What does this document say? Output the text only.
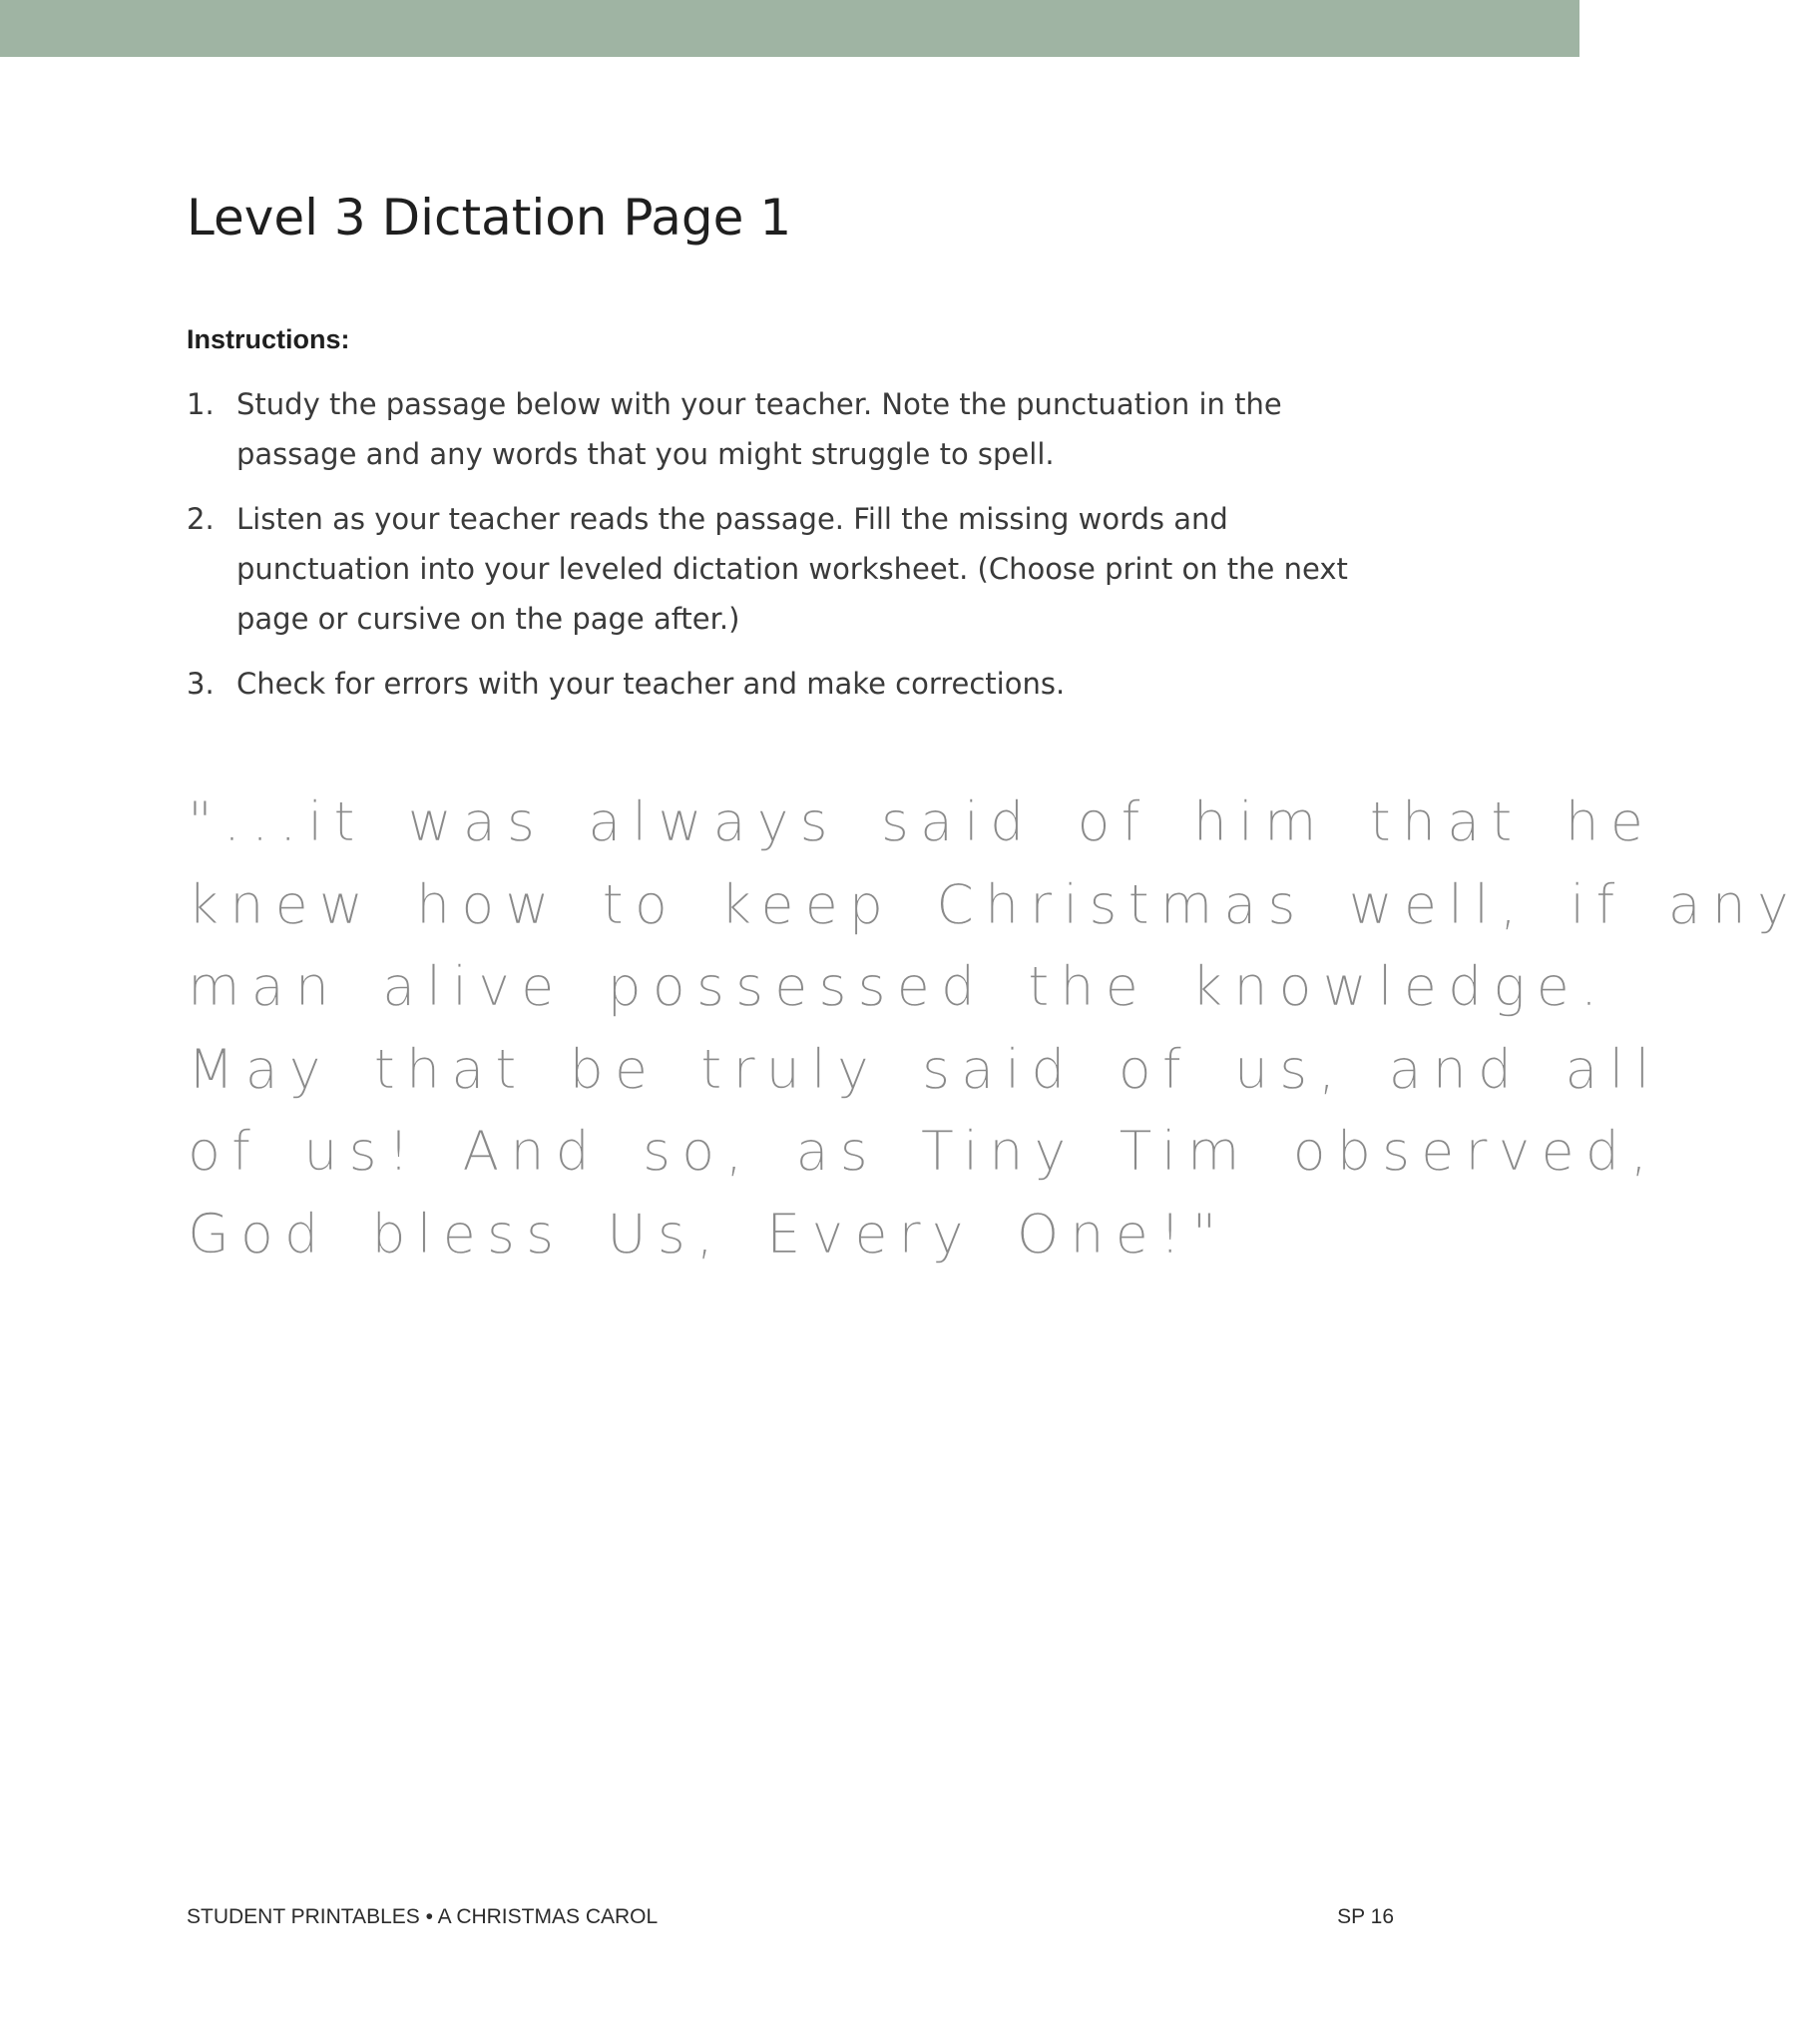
Level 3 Dictation Page 1
Instructions:
1. Study the passage below with your teacher. Note the punctuation in the passage and any words that you might struggle to spell.
2. Listen as your teacher reads the passage. Fill the missing words and punctuation into your leveled dictation worksheet. (Choose print on the next page or cursive on the page after.)
3. Check for errors with your teacher and make corrections.
"...it was always said of him that he
knew how to keep Christmas well, if any
man alive possessed the knowledge.
May that be truly said of us, and all
of us! And so, as Tiny Tim observed,
God bless Us, Every One!"
STUDENT PRINTABLES • A CHRISTMAS CAROL	SP 16
